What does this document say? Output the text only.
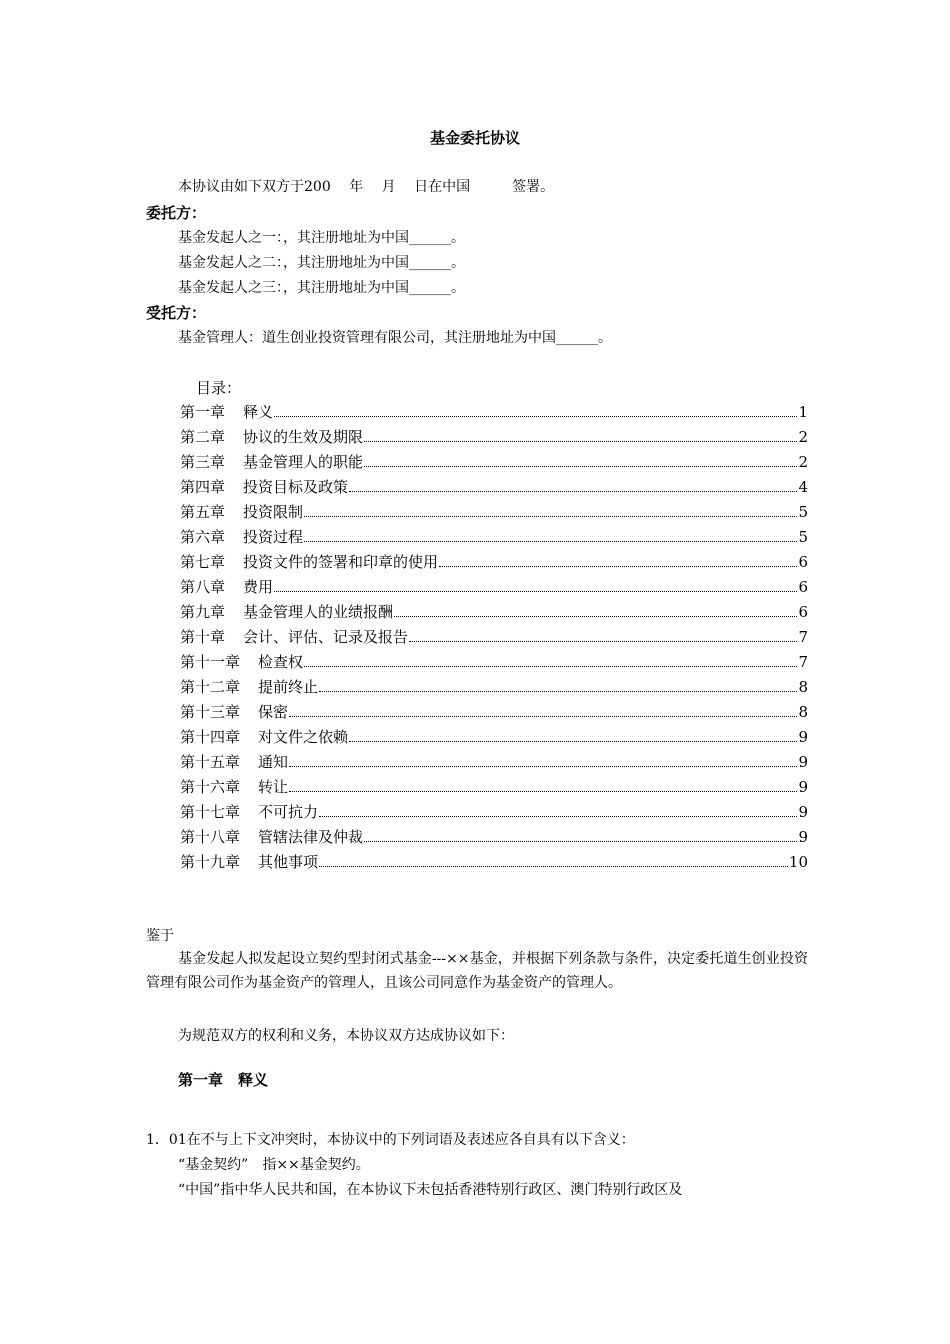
基金委托协议
本协议由如下双方于200　 年 　月 　日在中国　　　签署。
委托方：
基金发起人之一：，其注册地址为中国______。
基金发起人之二：，其注册地址为中国______。
基金发起人之三：，其注册地址为中国______。
受托方：
基金管理人：道生创业投资管理有限公司，其注册地址为中国______。
目录：
第一章 释义	1
第二章 协议的生效及期限	2
第三章 基金管理人的职能	2
第四章 投资目标及政策	4
第五章 投资限制	5
第六章 投资过程	5
第七章 投资文件的签署和印章的使用	6
第八章 费用	6
第九章 基金管理人的业绩报酬	6
第十章 会计、评估、记录及报告	7
第十一章 检查权	7
第十二章 提前终止	8
第十三章 保密	8
第十四章 对文件之依赖	9
第十五章 通知	9
第十六章 转让	9
第十七章 不可抗力	9
第十八章 管辖法律及仲裁	9
第十九章 其他事项	10
鉴于
基金发起人拟发起设立契约型封闭式基金---××基金，并根据下列条款与条件，决定委托道生创业投资管理有限公司作为基金资产的管理人，且该公司同意作为基金资产的管理人。
为规范双方的权利和义务，本协议双方达成协议如下：
第一章　释义
1．01在不与上下文冲突时，本协议中的下列词语及表述应各自具有以下含义：
“基金契约”　指××基金契约。
“中国”指中华人民共和国，在本协议下未包括香港特别行政区、澳门特别行政区及
